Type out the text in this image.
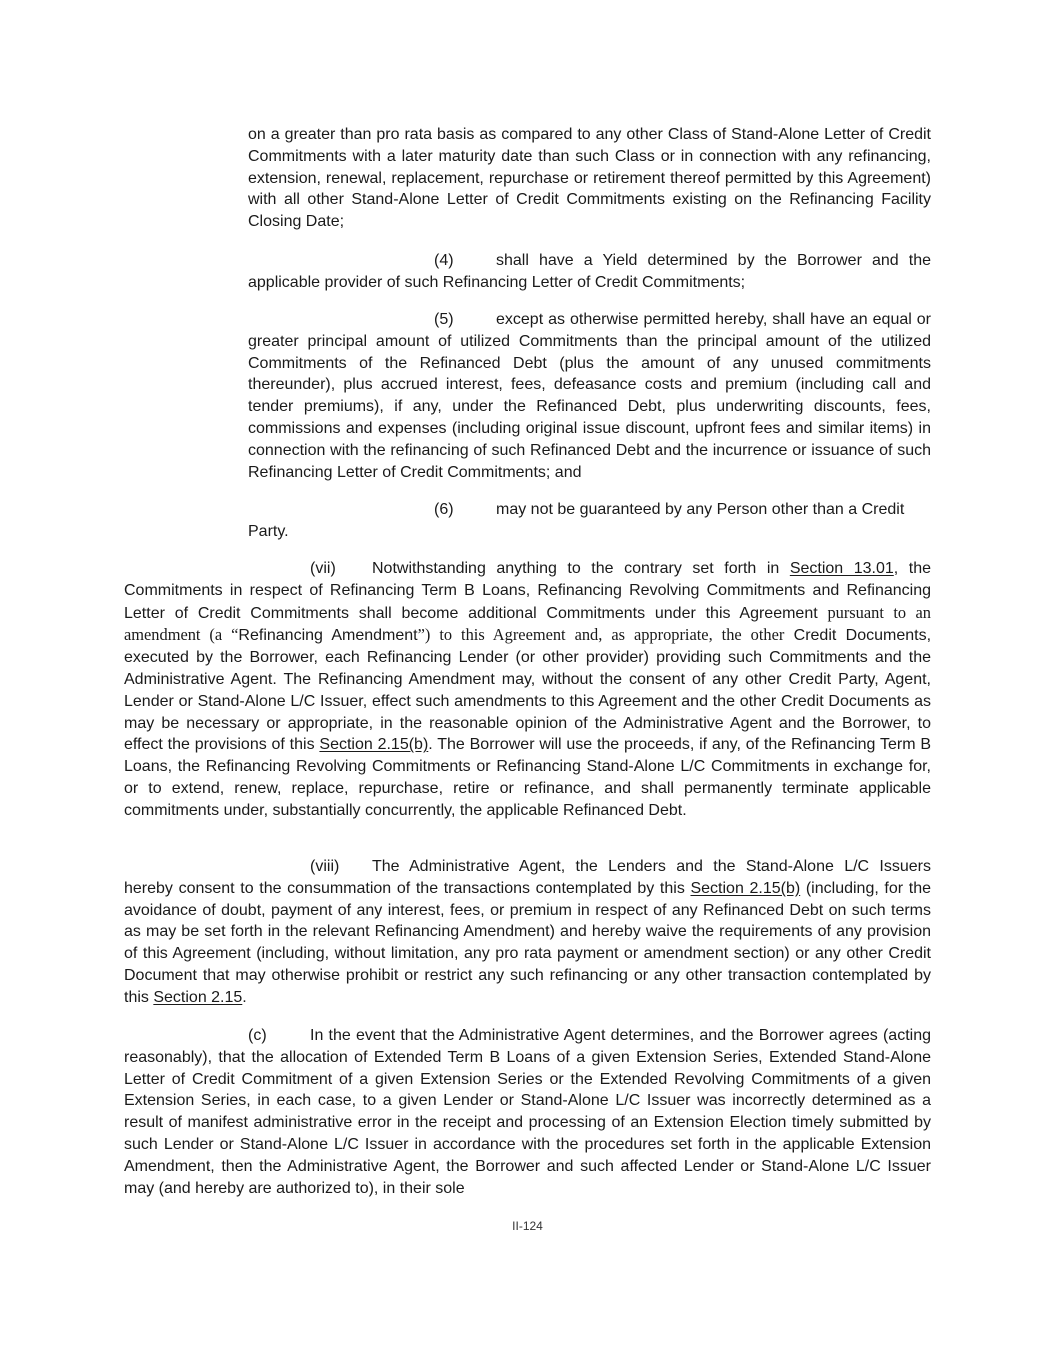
on a greater than pro rata basis as compared to any other Class of Stand-Alone Letter of Credit Commitments with a later maturity date than such Class or in connection with any refinancing, extension, renewal, replacement, repurchase or retirement thereof permitted by this Agreement) with all other Stand-Alone Letter of Credit Commitments existing on the Refinancing Facility Closing Date;

(4)	shall have a Yield determined by the Borrower and the applicable provider of such Refinancing Letter of Credit Commitments;

(5)	except as otherwise permitted hereby, shall have an equal or greater principal amount of utilized Commitments than the principal amount of the utilized Commitments of the Refinanced Debt (plus the amount of any unused commitments thereunder), plus accrued interest, fees, defeasance costs and premium (including call and tender premiums), if any, under the Refinanced Debt, plus underwriting discounts, fees, commissions and expenses (including original issue discount, upfront fees and similar items) in connection with the refinancing of such Refinanced Debt and the incurrence or issuance of such Refinancing Letter of Credit Commitments; and

(6)	may not be guaranteed by any Person other than a Credit
Party.

(vii) Notwithstanding anything to the contrary set forth in Section 13.01, the Commitments in respect of Refinancing Term B Loans, Refinancing Revolving Commitments and Refinancing Letter of Credit Commitments shall become additional Commitments under this Agreement pursuant to an amendment (a “Refinancing Amendment”) to this Agreement and, as appropriate, the other Credit Documents, executed by the Borrower, each Refinancing Lender (or other provider) providing such Commitments and the Administrative Agent. The Refinancing Amendment may, without the consent of any other Credit Party, Agent, Lender or Stand-Alone L/C Issuer, effect such amendments to this Agreement and the other Credit Documents as may be necessary or appropriate, in the reasonable opinion of the Administrative Agent and the Borrower, to effect the provisions of this Section 2.15(b). The Borrower will use the proceeds, if any, of the Refinancing Term B Loans, the Refinancing Revolving Commitments or Refinancing Stand-Alone L/C Commitments in exchange for, or to extend, renew, replace, repurchase, retire or refinance, and shall permanently terminate applicable commitments under, substantially concurrently, the applicable Refinanced Debt.

(viii) The Administrative Agent, the Lenders and the Stand-Alone L/C Issuers hereby consent to the consummation of the transactions contemplated by this Section 2.15(b) (including, for the avoidance of doubt, payment of any interest, fees, or premium in respect of any Refinanced Debt on such terms as may be set forth in the relevant Refinancing Amendment) and hereby waive the requirements of any provision of this Agreement (including, without limitation, any pro rata payment or amendment section) or any other Credit Document that may otherwise prohibit or restrict any such refinancing or any other transaction contemplated by this Section 2.15.

(c)	In the event that the Administrative Agent determines, and the Borrower agrees (acting reasonably), that the allocation of Extended Term B Loans of a given Extension Series, Extended Stand-Alone Letter of Credit Commitment of a given Extension Series or the Extended Revolving Commitments of a given Extension Series, in each case, to a given Lender or Stand-Alone L/C Issuer was incorrectly determined as a result of manifest administrative error in the receipt and processing of an Extension Election timely submitted by such Lender or Stand-Alone L/C Issuer in accordance with the procedures set forth in the applicable Extension Amendment, then the Administrative Agent, the Borrower and such affected Lender or Stand-Alone L/C Issuer may (and hereby are authorized to), in their sole

II-124
